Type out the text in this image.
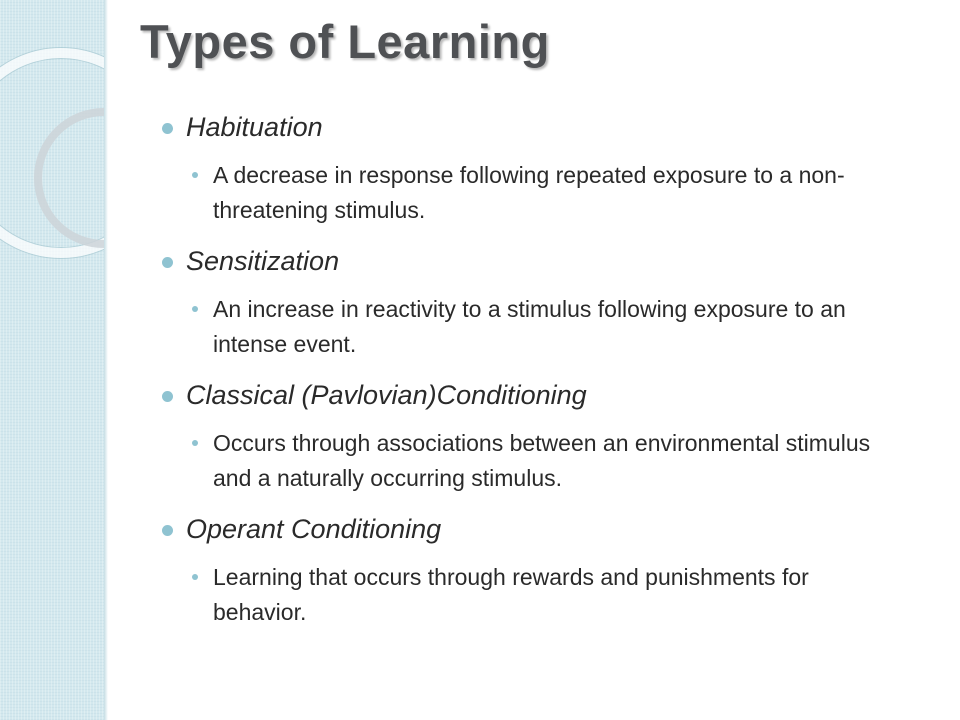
Types of Learning
Habituation
A decrease in response following repeated exposure to a non-threatening stimulus.
Sensitization
An increase in reactivity to a stimulus following exposure to an intense event.
Classical (Pavlovian)Conditioning
Occurs through associations between an environmental stimulus and a naturally occurring stimulus.
Operant Conditioning
Learning that occurs through rewards and punishments for behavior.
